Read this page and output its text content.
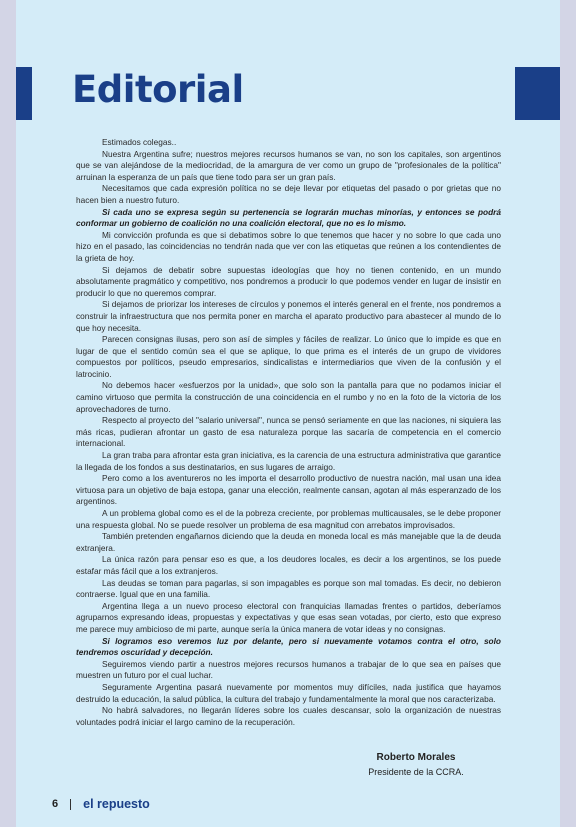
Editorial

Estimados colegas..

Nuestra Argentina sufre; nuestros mejores recursos humanos se van, no son los capitales, son argentinos que se van alejándose de la mediocridad, de la amargura de ver como un grupo de "profesionales de la política" arruinan la esperanza de un país que tiene todo para ser un gran país.

Necesitamos que cada expresión política no se deje llevar por etiquetas del pasado o por grietas que no hacen bien a nuestro futuro.

Si cada uno se expresa según su pertenencia se lograrán muchas minorías, y entonces se podrá conformar un gobierno de coalición no una coalición electoral, que no es lo mismo.

Mi convicción profunda es que si debatimos sobre lo que tenemos que hacer y no sobre lo que cada uno hizo en el pasado, las coincidencias no tendrán nada que ver con las etiquetas que reúnen a los contendientes de la grieta de hoy.

Si dejamos de debatir sobre supuestas ideologías que hoy no tienen contenido, en un mundo absolutamente pragmático y competitivo, nos pondremos a producir lo que podemos vender en lugar de insistir en producir lo que no queremos comprar.

Si dejamos de priorizar los intereses de círculos y ponemos el interés general en el frente, nos pondremos a construir la infraestructura que nos permita poner en marcha el aparato productivo para abastecer al mundo de lo que hoy necesita.

Parecen consignas ilusas, pero son así de simples y fáciles de realizar. Lo único que lo impide es que en lugar de que el sentido común sea el que se aplique, lo que prima es el interés de un grupo de vividores compuestos por políticos, pseudo empresarios, sindicalistas e intermediarios que viven de la confusión y el latrocinio.

No debemos hacer «esfuerzos por la unidad», que solo son la pantalla para que no podamos iniciar el camino virtuoso que permita la construcción de una coincidencia en el rumbo y no en la foto de la victoria de los aprovechadores de turno.

Respecto al proyecto del "salario universal", nunca se pensó seriamente en que las naciones, ni siquiera las más ricas, pudieran afrontar un gasto de esa naturaleza porque las sacaría de competencia en el comercio internacional.

La gran traba para afrontar esta gran iniciativa, es la carencia de una estructura administrativa que garantice la llegada de los fondos a sus destinatarios, en sus lugares de arraigo.

Pero como a los aventureros no les importa el desarrollo productivo de nuestra nación, mal usan una idea virtuosa para un objetivo de baja estopa, ganar una elección, realmente cansan, agotan al más esperanzado de los argentinos.

A un problema global como es el de la pobreza creciente, por problemas multicausales, se le debe proponer una respuesta global. No se puede resolver un problema de esa magnitud con arrebatos improvisados.

También pretenden engañarnos diciendo que la deuda en moneda local es más manejable que la de deuda extranjera.

La única razón para pensar eso es que, a los deudores locales, es decir a los argentinos, se los puede estafar más fácil que a los extranjeros.

Las deudas se toman para pagarlas, si son impagables es porque son mal tomadas. Es decir, no debieron contraerse. Igual que en una familia.

Argentina llega a un nuevo proceso electoral con franquicias llamadas frentes o partidos, deberíamos agruparnos expresando ideas, propuestas y expectativas y que esas sean votadas, por cierto, esto que expreso me parece muy ambicioso de mi parte, aunque sería la única manera de votar ideas y no consignas.

Si logramos eso veremos luz por delante, pero si nuevamente votamos contra el otro, solo tendremos oscuridad y decepción.

Seguiremos viendo partir a nuestros mejores recursos humanos a trabajar de lo que sea en países que muestren un futuro por el cual luchar.

Seguramente Argentina pasará nuevamente por momentos muy difíciles, nada justifica que hayamos destruido la educación, la salud pública, la cultura del trabajo y fundamentalmente la moral que nos caracterizaba.

No habrá salvadores, no llegarán líderes sobre los cuales descansar, solo la organización de nuestras voluntades podrá iniciar el largo camino de la recuperación.

Roberto Morales
Presidente de la CCRA.
6 el repuesto
